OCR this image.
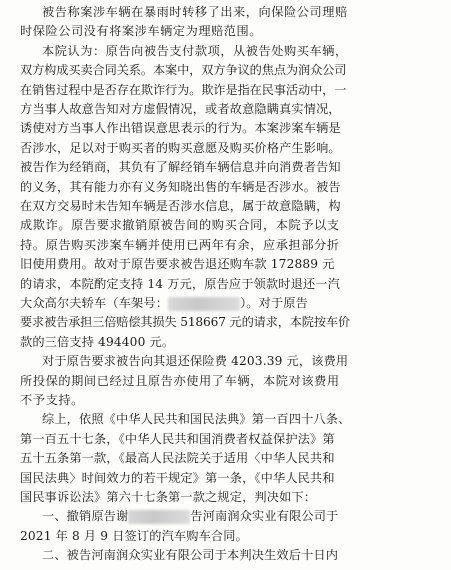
被告称案涉车辆在暴雨时转移了出来，向保险公司理赔
时保险公司没有将案涉车辆定为理赔范围。
本院认为：原告向被告支付款项，从被告处购买车辆，
双方构成买卖合同关系。本案中，双方争议的焦点为润众公司
在销售过程中是否存在欺诈行为。欺诈是指在民事活动中，一
方当事人故意告知对方虚假情况，或者故意隐瞒真实情况，
诱使对方当事人作出错误意思表示的行为。本案涉案车辆是
否涉水，足以对于购买者的购买意愿及购买价格产生影响。
被告作为经销商，其负有了解经销车辆信息并向消费者告知
的义务，其有能力亦有义务知晓出售的车辆是否涉水。被告
在双方交易时未告知车辆是否涉水信息，属于故意隐瞒，构
成欺诈。原告要求撤销原被告间的购买合同，本院予以支
持。原告购买涉案车辆并使用已两年有余，应承担部分折
旧使用费用。故对于原告要求被告退还购车款 172889 元
的请求，本院酌定支持 14 万元，原告应于领款时退还一汽
大众高尔夫轿车（车架号：	）。对于原告
要求被告承担三倍赔偿其损失 518667 元的请求，本院按车价
款的三倍支持 494400 元。
对于原告要求被告向其退还保险费 4203.39 元，该费用
所投保的期间已经过且原告亦使用了车辆，本院对该费用
不予支持。
综上，依照《中华人民共和国民法典》第一百四十八条、
第一百五十七条，《中华人民共和国消费者权益保护法》第
五十五条第一款，《最高人民法院关于适用〈中华人民共和
国民法典〉时间效力的若干规定》第一条，《中华人民共和
国民事诉讼法》第六十七条第一款之规定，判决如下：
一、撤销原告谢	告河南润众实业有限公司于
2021 年 8 月 9 日签订的汽车购车合同。
二、被告河南润众实业有限公司于本判决生效后十日内
